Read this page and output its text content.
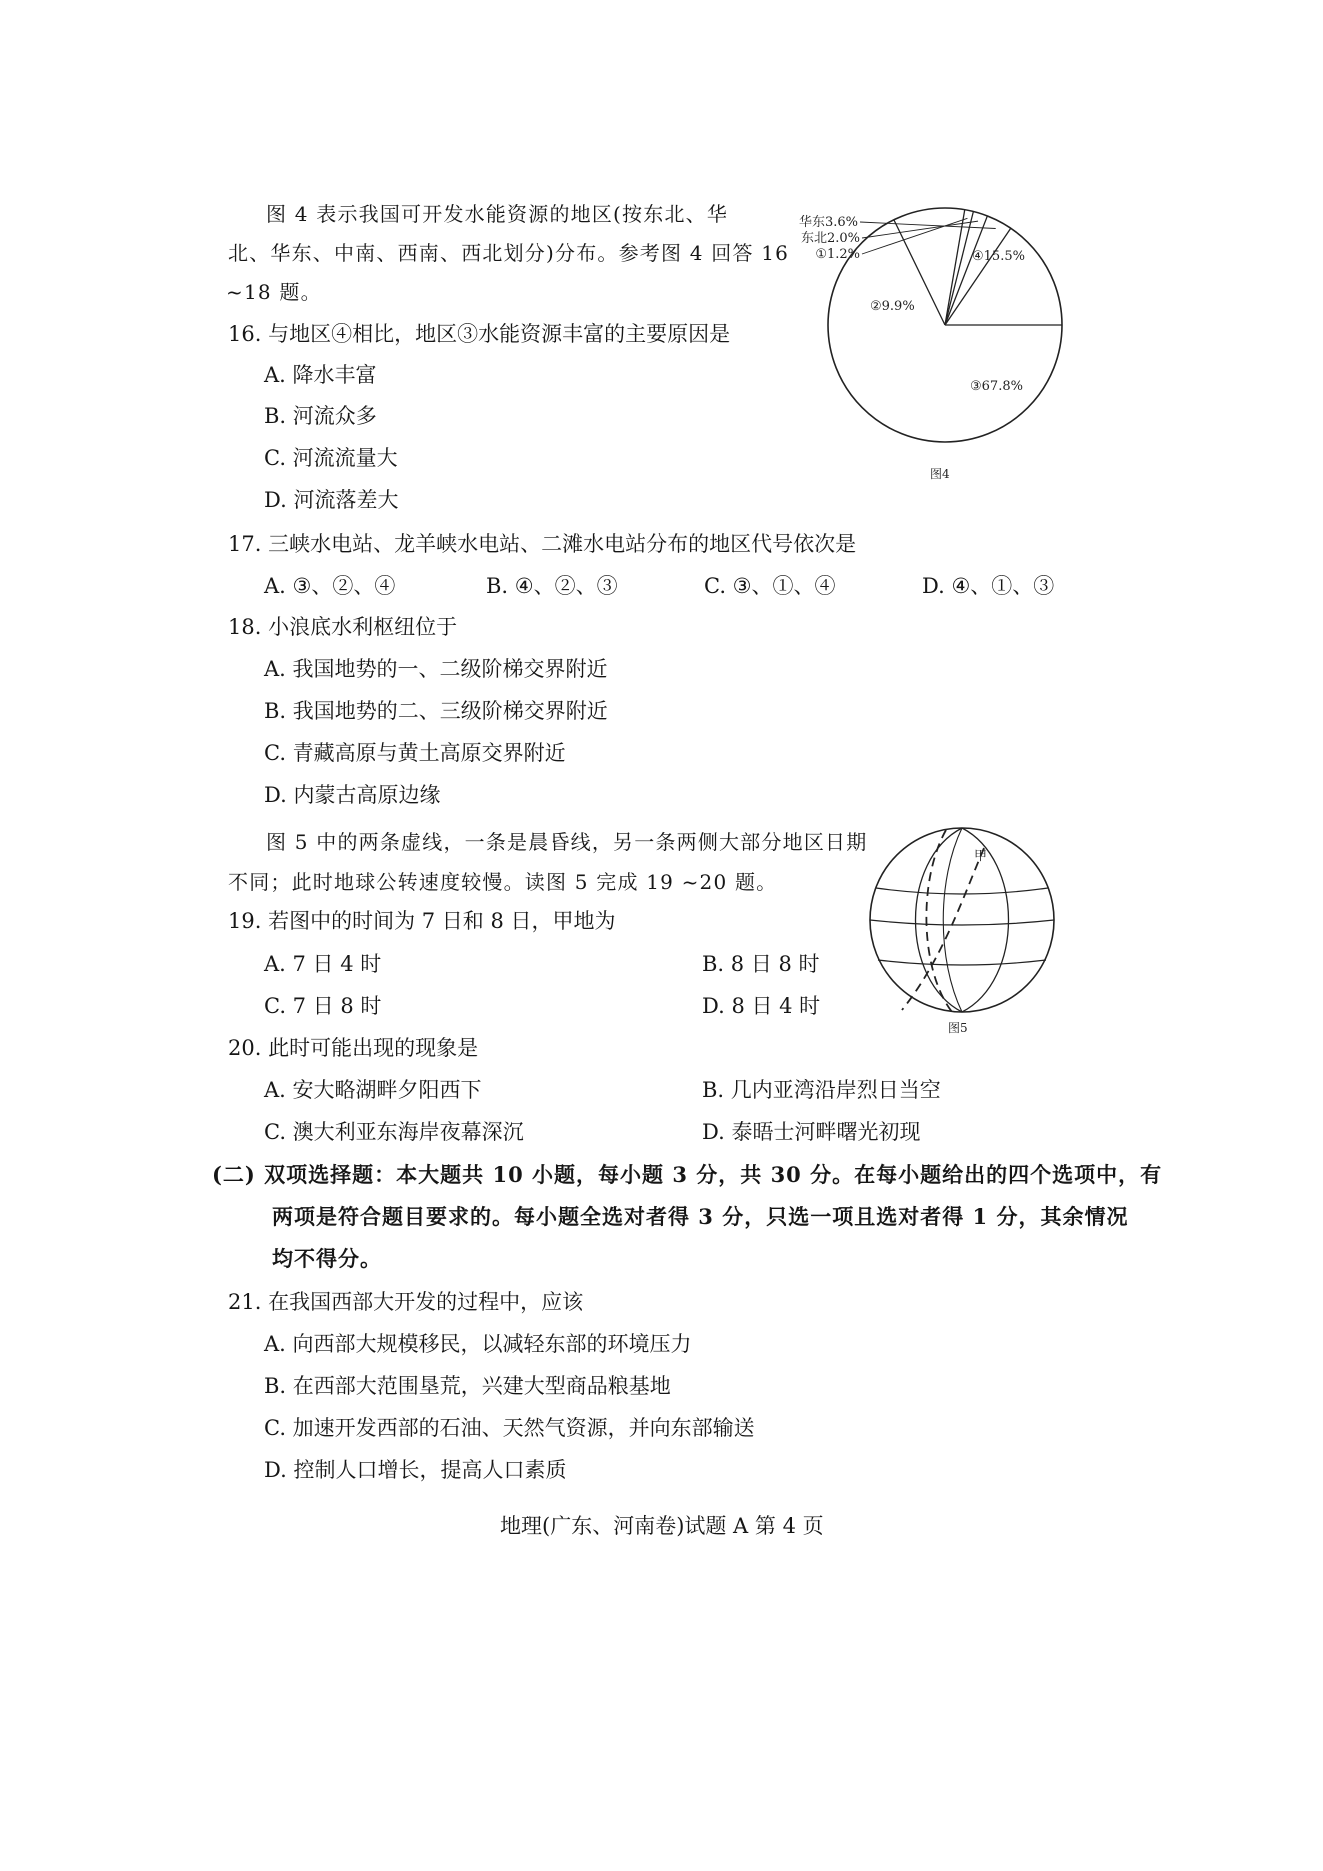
图 4 表示我国可开发水能资源的地区(按东北、华
北、华东、中南、西南、西北划分)分布。参考图 4 回答 16
~18 题。
16. 与地区④相比，地区③水能资源丰富的主要原因是
A. 降水丰富
B. 河流众多
C. 河流流量大
D. 河流落差大
17. 三峡水电站、龙羊峡水电站、二滩水电站分布的地区代号依次是
A. ③、②、④	B. ④、②、③	C. ③、①、④	D. ④、①、③
18. 小浪底水利枢纽位于
A. 我国地势的一、二级阶梯交界附近
B. 我国地势的二、三级阶梯交界附近
C. 青藏高原与黄土高原交界附近
D. 内蒙古高原边缘
图 5 中的两条虚线，一条是晨昏线，另一条两侧大部分地区日期
不同；此时地球公转速度较慢。读图 5 完成 19 ~20 题。
19. 若图中的时间为 7 日和 8 日，甲地为
A. 7 日 4 时	B. 8 日 8 时
C. 7 日 8 时	D. 8 日 4 时
20. 此时可能出现的现象是
A. 安大略湖畔夕阳西下	B. 几内亚湾沿岸烈日当空
C. 澳大利亚东海岸夜幕深沉	D. 泰晤士河畔曙光初现
(二) 双项选择题：本大题共 10 小题，每小题 3 分，共 30 分。在每小题给出的四个选项中，有
两项是符合题目要求的。每小题全选对者得 3 分，只选一项且选对者得 1 分，其余情况
均不得分。
21. 在我国西部大开发的过程中，应该
A. 向西部大规模移民，以减轻东部的环境压力
B. 在西部大范围垦荒，兴建大型商品粮基地
C. 加速开发西部的石油、天然气资源，并向东部输送
D. 控制人口增长，提高人口素质
地理(广东、河南卷)试题 A 第 4 页
③67.8%
②9.9%
①1.2%
东北2.0%
华东3.6%
④15.5%
图4
甲
图5
